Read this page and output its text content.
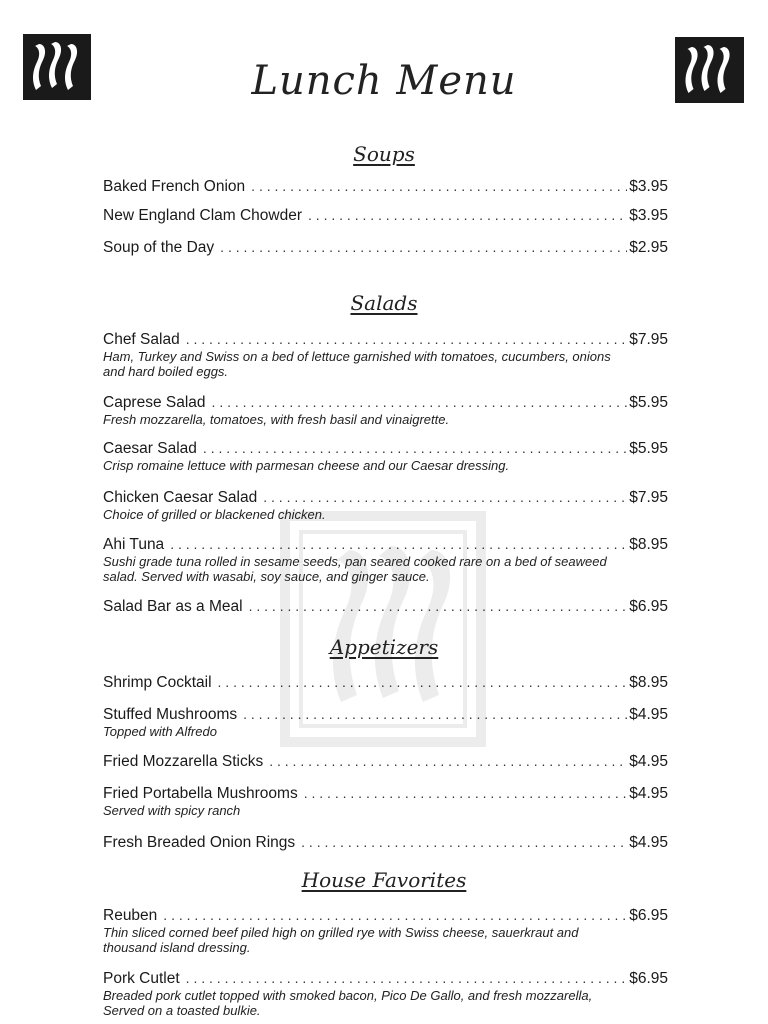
Lunch Menu
Soups
Baked French Onion . . .	$3.95
New England Clam Chowder . . .	$3.95
Soup of the Day . . .	$2.95
Salads
Chef Salad . . .	$7.95
Ham, Turkey and Swiss on a bed of lettuce garnished with tomatoes, cucumbers, onions and hard boiled eggs.
Caprese Salad . . .	$5.95
Fresh mozzarella, tomatoes, with fresh basil and vinaigrette.
Caesar Salad . . .	$5.95
Crisp romaine lettuce with parmesan cheese and our Caesar dressing.
Chicken Caesar Salad . . .	$7.95
Choice of grilled or blackened chicken.
Ahi Tuna . . .	$8.95
Sushi grade tuna rolled in sesame seeds, pan seared cooked rare on a bed of seaweed salad. Served with wasabi, soy sauce, and ginger sauce.
Salad Bar as a Meal . . .	$6.95
Appetizers
Shrimp Cocktail . . .	$8.95
Stuffed Mushrooms . . .	$4.95
Topped with Alfredo
Fried Mozzarella Sticks . . .	$4.95
Fried Portabella Mushrooms . . .	$4.95
Served with spicy ranch
Fresh Breaded Onion Rings . . .	$4.95
House Favorites
Reuben . . .	$6.95
Thin sliced corned beef piled high on grilled rye with Swiss cheese, sauerkraut and thousand island dressing.
Pork Cutlet . . .	$6.95
Breaded pork cutlet topped with smoked bacon, Pico De Gallo, and fresh mozzarella, Served on a toasted bulkie.
